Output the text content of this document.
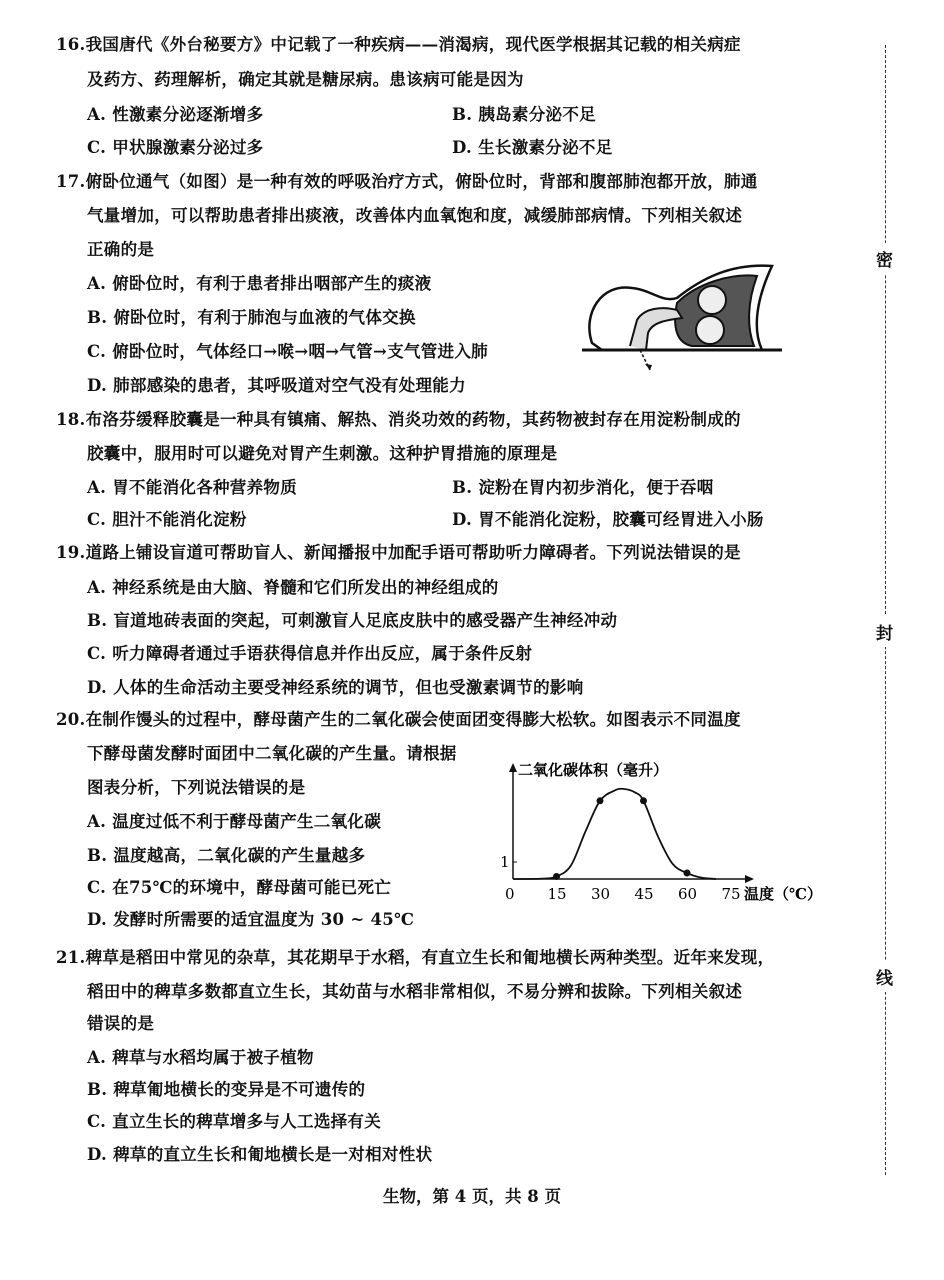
密
封
线
16.我国唐代《外台秘要方》中记载了一种疾病——消渴病，现代医学根据其记载的相关病症
及药方、药理解析，确定其就是糖尿病。患该病可能是因为
A. 性激素分泌逐渐增多	B. 胰岛素分泌不足
C. 甲状腺激素分泌过多	D. 生长激素分泌不足
17.俯卧位通气（如图）是一种有效的呼吸治疗方式，俯卧位时，背部和腹部肺泡都开放，肺通
气量增加，可以帮助患者排出痰液，改善体内血氧饱和度，减缓肺部病情。下列相关叙述
正确的是
A. 俯卧位时，有利于患者排出咽部产生的痰液
B. 俯卧位时，有利于肺泡与血液的气体交换
C. 俯卧位时，气体经口→喉→咽→气管→支气管进入肺
D. 肺部感染的患者，其呼吸道对空气没有处理能力
18.布洛芬缓释胶囊是一种具有镇痛、解热、消炎功效的药物，其药物被封存在用淀粉制成的
胶囊中，服用时可以避免对胃产生刺激。这种护胃措施的原理是
A. 胃不能消化各种营养物质	B. 淀粉在胃内初步消化，便于吞咽
C. 胆汁不能消化淀粉	D. 胃不能消化淀粉，胶囊可经胃进入小肠
19.道路上铺设盲道可帮助盲人、新闻播报中加配手语可帮助听力障碍者。下列说法错误的是
A. 神经系统是由大脑、脊髓和它们所发出的神经组成的
B. 盲道地砖表面的突起，可刺激盲人足底皮肤中的感受器产生神经冲动
C. 听力障碍者通过手语获得信息并作出反应，属于条件反射
D. 人体的生命活动主要受神经系统的调节，但也受激素调节的影响
20.在制作馒头的过程中，酵母菌产生的二氧化碳会使面团变得膨大松软。如图表示不同温度
下酵母菌发酵时面团中二氧化碳的产生量。请根据
图表分析，下列说法错误的是
A. 温度过低不利于酵母菌产生二氧化碳
B. 温度越高，二氧化碳的产生量越多
C. 在75℃的环境中，酵母菌可能已死亡
D. 发酵时所需要的适宜温度为 30 ~ 45℃
二氧化碳体积（毫升）
温度（℃）
0 15 30 45 60 75
1
21.稗草是稻田中常见的杂草，其花期早于水稻，有直立生长和匍地横长两种类型。近年来发现，
稻田中的稗草多数都直立生长，其幼苗与水稻非常相似，不易分辨和拔除。下列相关叙述
错误的是
A. 稗草与水稻均属于被子植物
B. 稗草匍地横长的变异是不可遗传的
C. 直立生长的稗草增多与人工选择有关
D. 稗草的直立生长和匍地横长是一对相对性状
生物，第 4 页，共 8 页
